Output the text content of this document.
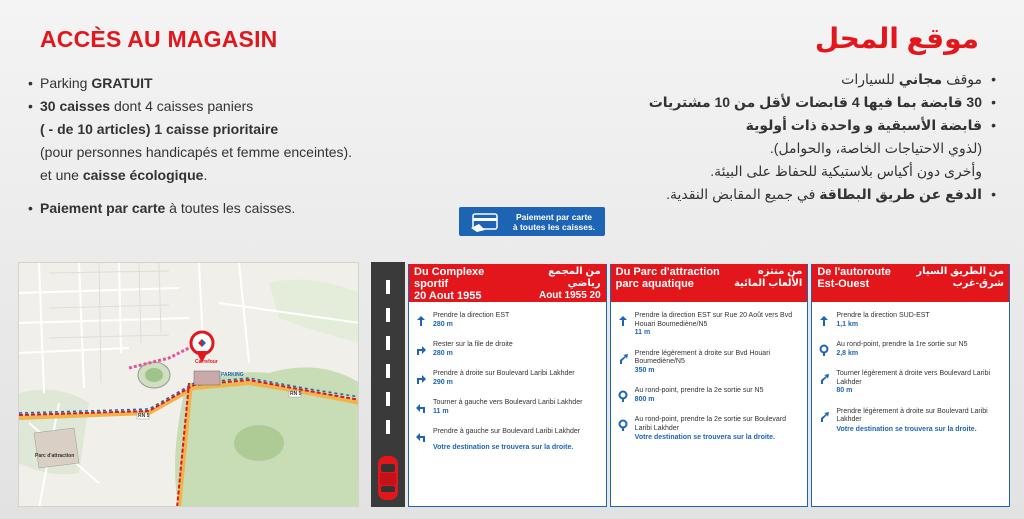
ACCÈS AU MAGASIN	موقع المحل
• Parking GRATUIT
• 30 caisses dont 4 caisses paniers
( - de 10 articles) 1 caisse prioritaire
(pour personnes handicapés et femme enceintes).
et une caisse écologique.
• Paiement par carte à toutes les caisses.
• موقف مجاني للسيارات
• 30 قابضة بما فيها 4 قابضات لأقل من 10 مشتريات
• قابضة الأسبقية و واحدة ذات أولوية
(لذوي الاحتياجات الخاصة، والحوامل).
وأخرى دون أكياس بلاستيكية للحفاظ على البيئة.
• الدفع عن طريق البطاقة في جميع المقابض النقدية.
Paiement par carte
à toutes les caisses.
Carrefour
PARKING
RN 5
RN 5
Parc d'attraction
Du Complexe sportif
20 Aout 1955
من المجمع رياضي
20 Aout 1955
Prendre la direction EST
280 m
Rester sur la file de droite
280 m
Prendre à droite sur Boulevard Laribi Lakhder
290 m
Tourner à gauche vers Boulevard Laribi Lakhder
11 m
Prendre à gauche sur Boulevard Laribi Lakhder
Votre destination se trouvera sur la droite.
Du Parc d'attraction
parc aquatique
من منتزه
الألعاب المائية
Prendre la direction EST sur Rue 20 Août vers Bvd Houari Boumediène/N5
11 m
Prendre légèrement à droite sur Bvd Houari Boumediène/N5
350 m
Au rond-point, prendre la 2e sortie sur N5
800 m
Au rond-point, prendre la 2e sortie sur Boulevard Laribi Lakhder
Votre destination se trouvera sur la droite.
De l'autoroute
Est-Ouest
من الطريق السيار
شرق-غرب
Prendre la direction SUD-EST
1,1 km
Au rond-point, prendre la 1re sortie sur N5
2,8 km
Tourner légèrement à droite vers Boulevard Laribi Lakhder
80 m
Prendre légèrement à droite sur Boulevard Laribi Lakhder
Votre destination se trouvera sur la droite.
